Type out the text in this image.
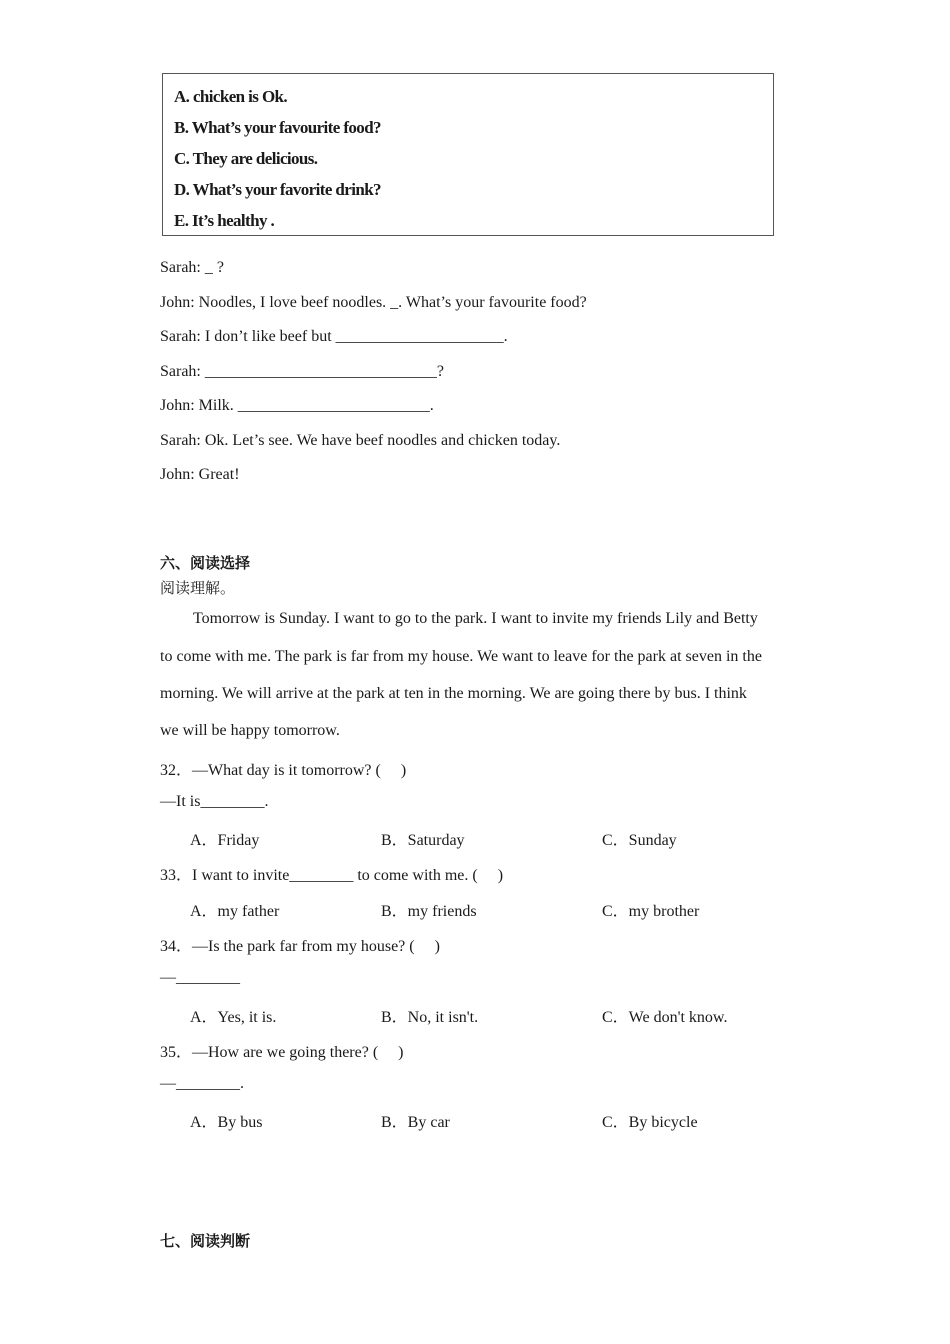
A. chicken is Ok.
B. What’s your favourite food?
C. They are delicious.
D. What’s your favorite drink?
E. It’s healthy .
Sarah: _ ?
John: Noodles, I love beef noodles. _. What’s your favourite food?
Sarah: I don’t like beef but _____________________.
Sarah: _____________________________?
John: Milk. ________________________.
Sarah: Ok. Let’s see. We have beef noodles and chicken today.
John: Great!
六、阅读选择
阅读理解。
Tomorrow is Sunday. I want to go to the park. I want to invite my friends Lily and Betty
to come with me. The park is far from my house. We want to leave for the park at seven in the
morning. We will arrive at the park at ten in the morning. We are going there by bus. I think
we will be happy tomorrow.
32．—What day is it tomorrow? (　 )
—It is________.
A．Friday	B．Saturday	C．Sunday
33．I want to invite________ to come with me. (　 )
A．my father	B．my friends	C．my brother
34．—Is the park far from my house? (　 )
—________
A．Yes, it is.	B．No, it isn't.	C．We don't know.
35．—How are we going there? (　 )
—________.
A．By bus	B．By car	C．By bicycle
七、阅读判断
